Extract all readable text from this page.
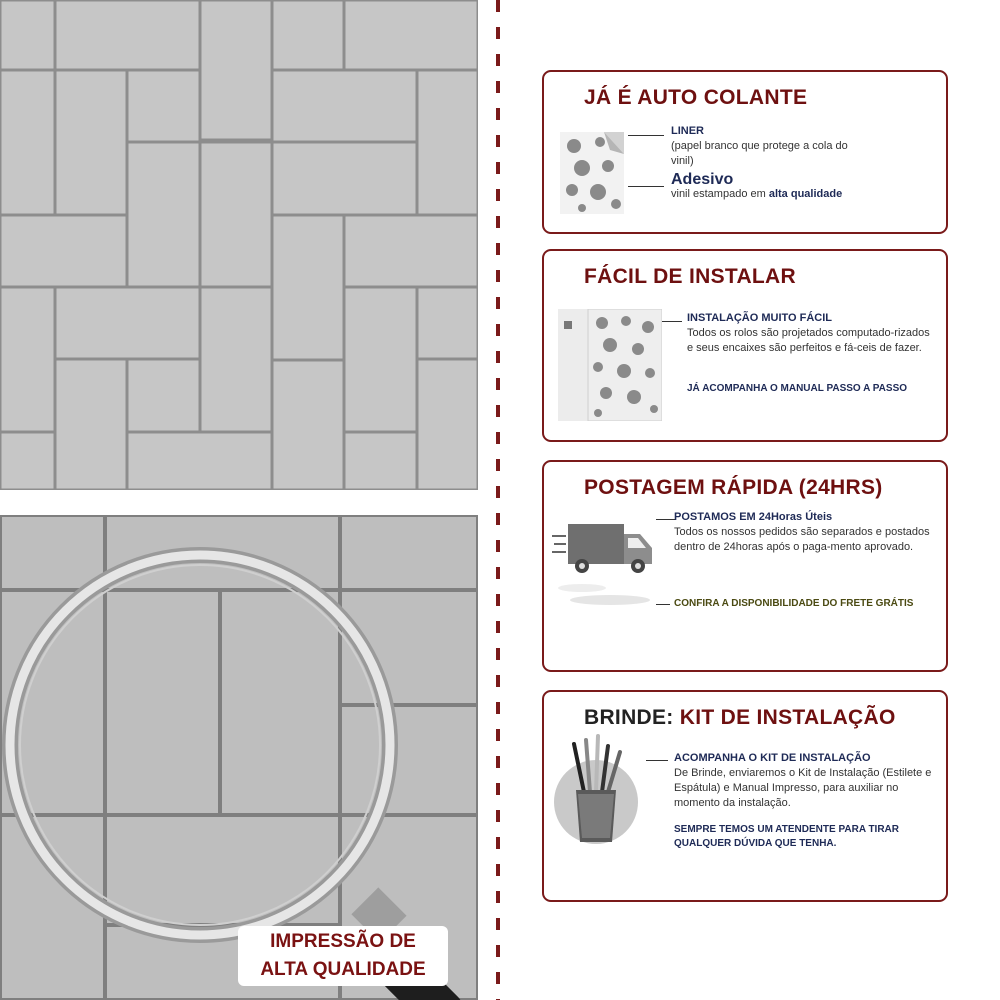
IMPRESSÃO DE
ALTA QUALIDADE
JÁ É AUTO COLANTE
LINER
(papel branco que protege a cola do vinil)
Adesivo
vinil estampado em alta qualidade
FÁCIL DE INSTALAR
INSTALAÇÃO MUITO FÁCIL
Todos os rolos são projetados computado-rizados e seus encaixes são perfeitos e fá-ceis de fazer.
JÁ ACOMPANHA O MANUAL PASSO A PASSO
POSTAGEM RÁPIDA (24HRS)
POSTAMOS EM 24Horas Úteis
Todos os nossos pedidos são separados e postados dentro de 24horas após o paga-mento aprovado.
CONFIRA A DISPONIBILIDADE DO FRETE GRÁTIS
BRINDE: KIT DE INSTALAÇÃO
ACOMPANHA O KIT DE INSTALAÇÃO
De Brinde, enviaremos o Kit de Instalação (Estilete e Espátula) e Manual Impresso, para auxiliar no momento da instalação.
SEMPRE TEMOS UM ATENDENTE PARA TIRAR QUALQUER DÚVIDA QUE TENHA.
